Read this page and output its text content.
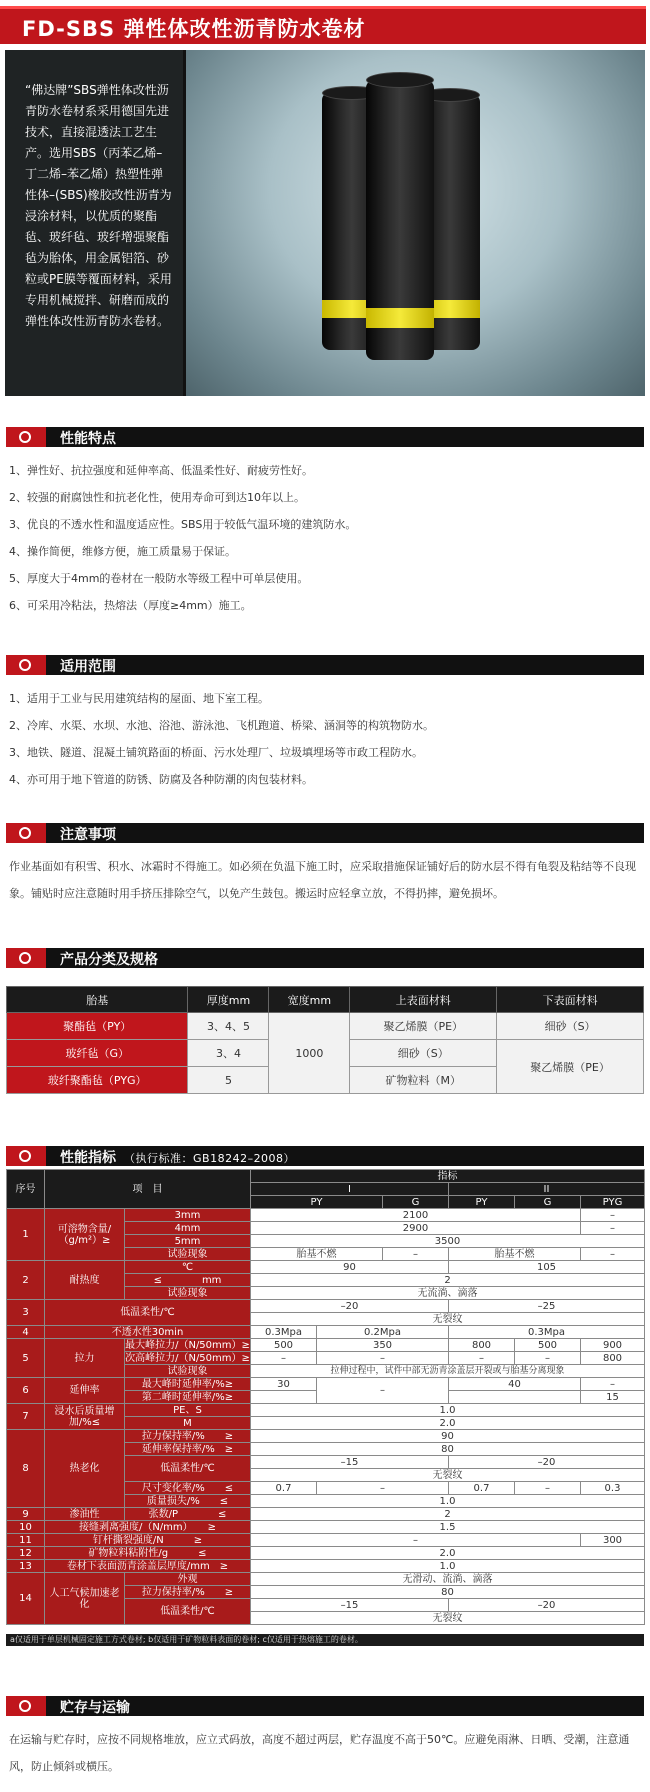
FD-SBS 弹性体改性沥青防水卷材
“佛达牌”SBS弹性体改性沥青防水卷材系采用德国先进技术，直接混透法工艺生产。选用SBS（丙苯乙烯–丁二烯–苯乙烯）热塑性弹性体–(SBS)橡胶改性沥青为浸涂材料，以优质的聚酯毡、玻纤毡、玻纤增强聚酯毡为胎体，用金属铝箔、砂粒或PE膜等覆面材料，采用专用机械搅拌、研磨而成的弹性体改性沥青防水卷材。
性能特点
1、弹性好、抗拉强度和延伸率高、低温柔性好、耐疲劳性好。
2、较强的耐腐蚀性和抗老化性，使用寿命可到达10年以上。
3、优良的不透水性和温度适应性。SBS用于较低气温环境的建筑防水。
4、操作简便，维修方便，施工质量易于保证。
5、厚度大于4mm的卷材在一般防水等级工程中可单层使用。
6、可采用冷粘法，热熔法（厚度≥4mm）施工。
适用范围
1、适用于工业与民用建筑结构的屋面、地下室工程。
2、冷库、水渠、水坝、水池、浴池、游泳池、飞机跑道、桥梁、涵洞等的构筑物防水。
3、地铁、隧道、混凝土铺筑路面的桥面、污水处理厂、垃圾填埋场等市政工程防水。
4、亦可用于地下管道的防锈、防腐及各种防潮的肉包装材料。
注意事项
作业基面如有积雪、积水、冰霜时不得施工。如必须在负温下施工时，应采取措施保证铺好后的防水层不得有龟裂及粘结等不良现象。铺贴时应注意随时用手挤压排除空气，以免产生鼓包。搬运时应轻拿立放，不得扔摔，避免损坏。
产品分类及规格
胎基	厚度mm	宽度mm	上表面材料	下表面材料
聚酯毡（PY）	3、4、5	1000	聚乙烯膜（PE）	细砂（S）
玻纤毡（G）	3、4		细砂（S）	聚乙烯膜（PE）
玻纤聚酯毡（PYG）	5		矿物粒料（M）	
性能指标 （执行标准：GB18242–2008）
序号	项　目		指标					
			I			II		
			PY		G	PY	G	PYG
1	可溶物含量/（g/m²）≥	3mm	2100					–
		4mm	2900					–
		5mm	3500					
		试验现象	胎基不燃		–	胎基不燃		–
2	耐热度	℃	90			105		
		≤　　　　mm	2					
		试验现象	无流淌、滴落					
3	低温柔性/℃		–20			–25		
			无裂纹					
4	不透水性30min		0.3Mpa	0.2Mpa		0.3Mpa		
5	拉力	最大峰拉力/（N/50mm）≥	500	350		800	500	900
		次高峰拉力/（N/50mm）≥	–	–		–	–	800
		试验现象	拉伸过程中，试件中部无沥青涂盖层开裂或与胎基分离现象					
6	延伸率	最大峰时延伸率/%≥	30	–		40		–
		第二峰时延伸率/%≥						15
7	浸水后质量增加/%≤	PE、S	1.0					
		M	2.0					
8	热老化	拉力保持率/%　　≥	90					
		延伸率保持率/%　≥	80					
		低温柔性/℃	–15			–20		
			无裂纹					
		尺寸变化率/%　　≤	0.7	–		0.7	–	0.3
		质量损失/%　　≤	1.0					
9	渗油性	张数/P　　　　≤	2					
10	接缝剥离强度/（N/mm）　　≥		1.5					
11	钉杆撕裂强度/N　　　≥		–					300
12	矿物粒料粘附性/g　　　≤		2.0					
13	卷材下表面沥青涂盖层厚度/mm　≥		1.0					
14	人工气候加速老化	外观	无滑动、流淌、滴落					
		拉力保持率/%　　≥	80					
		低温柔性/℃	–15			–20		
			无裂纹					
a仅适用于单层机械固定施工方式卷材; b仅适用于矿物粒料表面的卷材; c仅适用于热熔施工的卷材。
贮存与运输
在运输与贮存时，应按不同规格堆放，应立式码放，高度不超过两层，贮存温度不高于50℃。应避免雨淋、日晒、受潮，注意通风，防止倾斜或横压。
